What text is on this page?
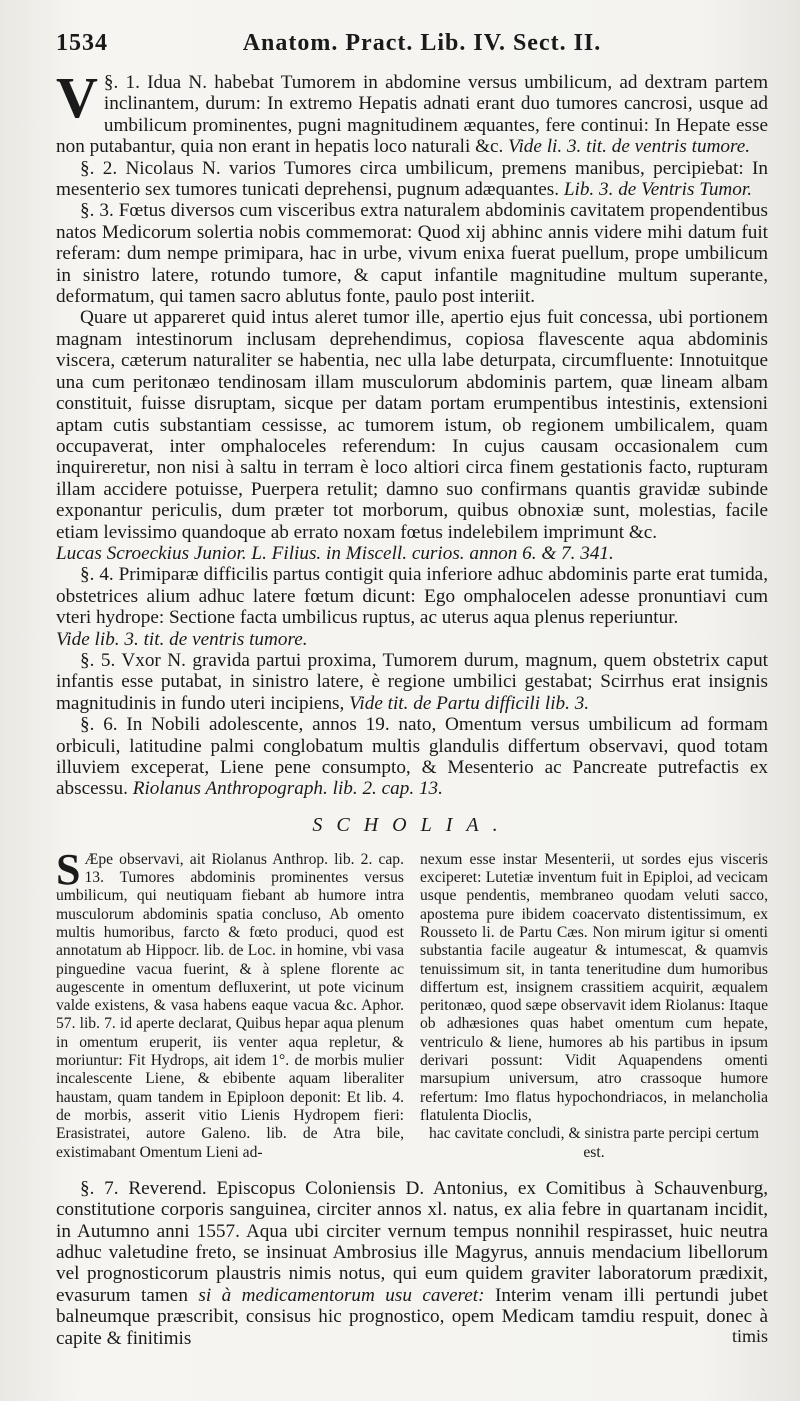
1534	Anatom. Pract. Lib. IV. Sect. II.

V §. 1. Idua N. habebat Tumorem in abdomine versus umbilicum, ad dextram partem inclinantem, durum: In extremo Hepatis adnati erant duo tumores cancrosi, usque ad umbilicum prominentes, pugni magnitudinem æquantes, fere continui: In Hepate esse non putabantur, quia non erant in hepatis loco naturali &c. Vide li. 3. tit. de ventris tumore.

§. 2. Nicolaus N. varios Tumores circa umbilicum, premens manibus, percipiebat: In mesenterio sex tumores tunicati deprehensi, pugnum adæquantes. Lib. 3. de Ventris Tumor.

§. 3. Fœtus diversos cum visceribus extra naturalem abdominis cavitatem propendentibus natos Medicorum solertia nobis commemorat: Quod xij abhinc annis videre mihi datum fuit referam: dum nempe primipara, hac in urbe, vivum enixa fuerat puellum, prope umbilicum in sinistro latere, rotundo tumore, & caput infantile magnitudine multum superante, deformatum, qui tamen sacro ablutus fonte, paulo post interiit.

Quare ut appareret quid intus aleret tumor ille, apertio ejus fuit concessa, ubi portionem magnam intestinorum inclusam deprehendimus, copiosa flavescente aqua abdominis viscera, cæterum naturaliter se habentia, nec ulla labe deturpata, circumfluente: Innotuitque una cum peritonæo tendinosam illam musculorum abdominis partem, quæ lineam albam constituit, fuisse disruptam, sicque per datam portam erumpentibus intestinis, extensioni aptam cutis substantiam cessisse, ac tumorem istum, ob regionem umbilicalem, quam occupaverat, inter omphaloceles referendum: In cujus causam occasionalem cum inquireretur, non nisi à saltu in terram è loco altiori circa finem gestationis facto, rupturam illam accidere potuisse, Puerpera retulit; damno suo confirmans quantis gravidæ subinde exponantur periculis, dum præter tot morborum, quibus obnoxiæ sunt, molestias, facile etiam levissimo quandoque ab errato noxam fœtus indelebilem imprimunt &c.

Lucas Scroeckius Junior. L. Filius. in Miscell. curios. annon 6. & 7. 341.

§. 4. Primiparæ difficilis partus contigit quia inferiore adhuc abdominis parte erat tumida, obstetrices alium adhuc latere fœtum dicunt: Ego omphalocelen adesse pronuntiavi cum vteri hydrope: Sectione facta umbilicus ruptus, ac uterus aqua plenus reperiuntur.

Vide lib. 3. tit. de ventris tumore.

§. 5. Vxor N. gravida partui proxima, Tumorem durum, magnum, quem obstetrix caput infantis esse putabat, in sinistro latere, è regione umbilici gestabat; Scirrhus erat insignis magnitudinis in fundo uteri incipiens, Vide tit. de Partu difficili lib. 3.

§. 6. In Nobili adolescente, annos 19. nato, Omentum versus umbilicum ad formam orbiculi, latitudine palmi conglobatum multis glandulis differtum observavi, quod totam illuviem exceperat, Liene pene consumpto, & Mesenterio ac Pancreate putrefactis ex abscessu. Riolanus Anthropograph. lib. 2. cap. 13.

SCHOLIA.

S Æpe observavi, ait Riolanus Anthrop. lib. 2. cap. 13. Tumores abdominis prominentes versus umbilicum, qui neutiquam fiebant ab humore intra musculorum abdominis spatia concluso, Ab omento multis humoribus, farcto & fœto produci, quod est annotatum ab Hippocr. lib. de Loc. in homine, vbi vasa pinguedine vacua fuerint, & à splene florente ac augescente in omentum defluxerint, ut pote vicinum valde existens, & vasa habens eaque vacua &c. Aphor. 57. lib. 7. id aperte declarat, Quibus hepar aqua plenum in omentum eruperit, iis venter aqua repletur, & moriuntur: Fit Hydrops, ait idem 1°. de morbis mulier incalescente Liene, & ebibente aquam liberaliter haustam, quam tandem in Epiploon deponit: Et lib. 4. de morbis, asserit vitio Lienis Hydropem fieri: Erasistratei, autore Galeno. lib. de Atra bile, existimabant Omentum Lieni ad-

nexum esse instar Mesenterii, ut sordes ejus visceris exciperet: Lutetiæ inventum fuit in Epiploi, ad vecicam usque pendentis, membraneo quodam veluti sacco, apostema pure ibidem coacervato distentissimum, ex Rousseto li. de Partu Cæs. Non mirum igitur si omenti substantia facile augeatur & intumescat, & quamvis tenuissimum sit, in tanta teneritudine dum humoribus differtum est, insignem crassitiem acquirit, æqualem peritonæo, quod sæpe observavit idem Riolanus: Itaque ob adhæsiones quas habet omentum cum hepate, ventriculo & liene, humores ab his partibus in ipsum derivari possunt: Vidit Aquapendens omenti marsupium universum, atro crassoque humore refertum: Imo flatus hypochondriacos, in melancholia flatulenta Dioclis,
hac cavitate concludi, & sinistra parte percipi certum est.

§. 7. Reverend. Episcopus Coloniensis D. Antonius, ex Comitibus à Schauvenburg, constitutione corporis sanguinea, circiter annos xl. natus, ex alia febre in quartanam incidit, in Autumno anni 1557. Aqua ubi circiter vernum tempus nonnihil respirasset, huic neutra adhuc valetudine freto, se insinuat Ambrosius ille Magyrus, annuis mendacium libellorum vel prognosticorum plaustris nimis notus, qui eum quidem graviter laboratorum prædixit, evasurum tamen si à medicamentorum usu caveret: Interim venam illi pertundi jubet balneumque præscribit, consisus hic prognostico, opem Medicam tamdiu respuit, donec à capite & finitimis	timis
